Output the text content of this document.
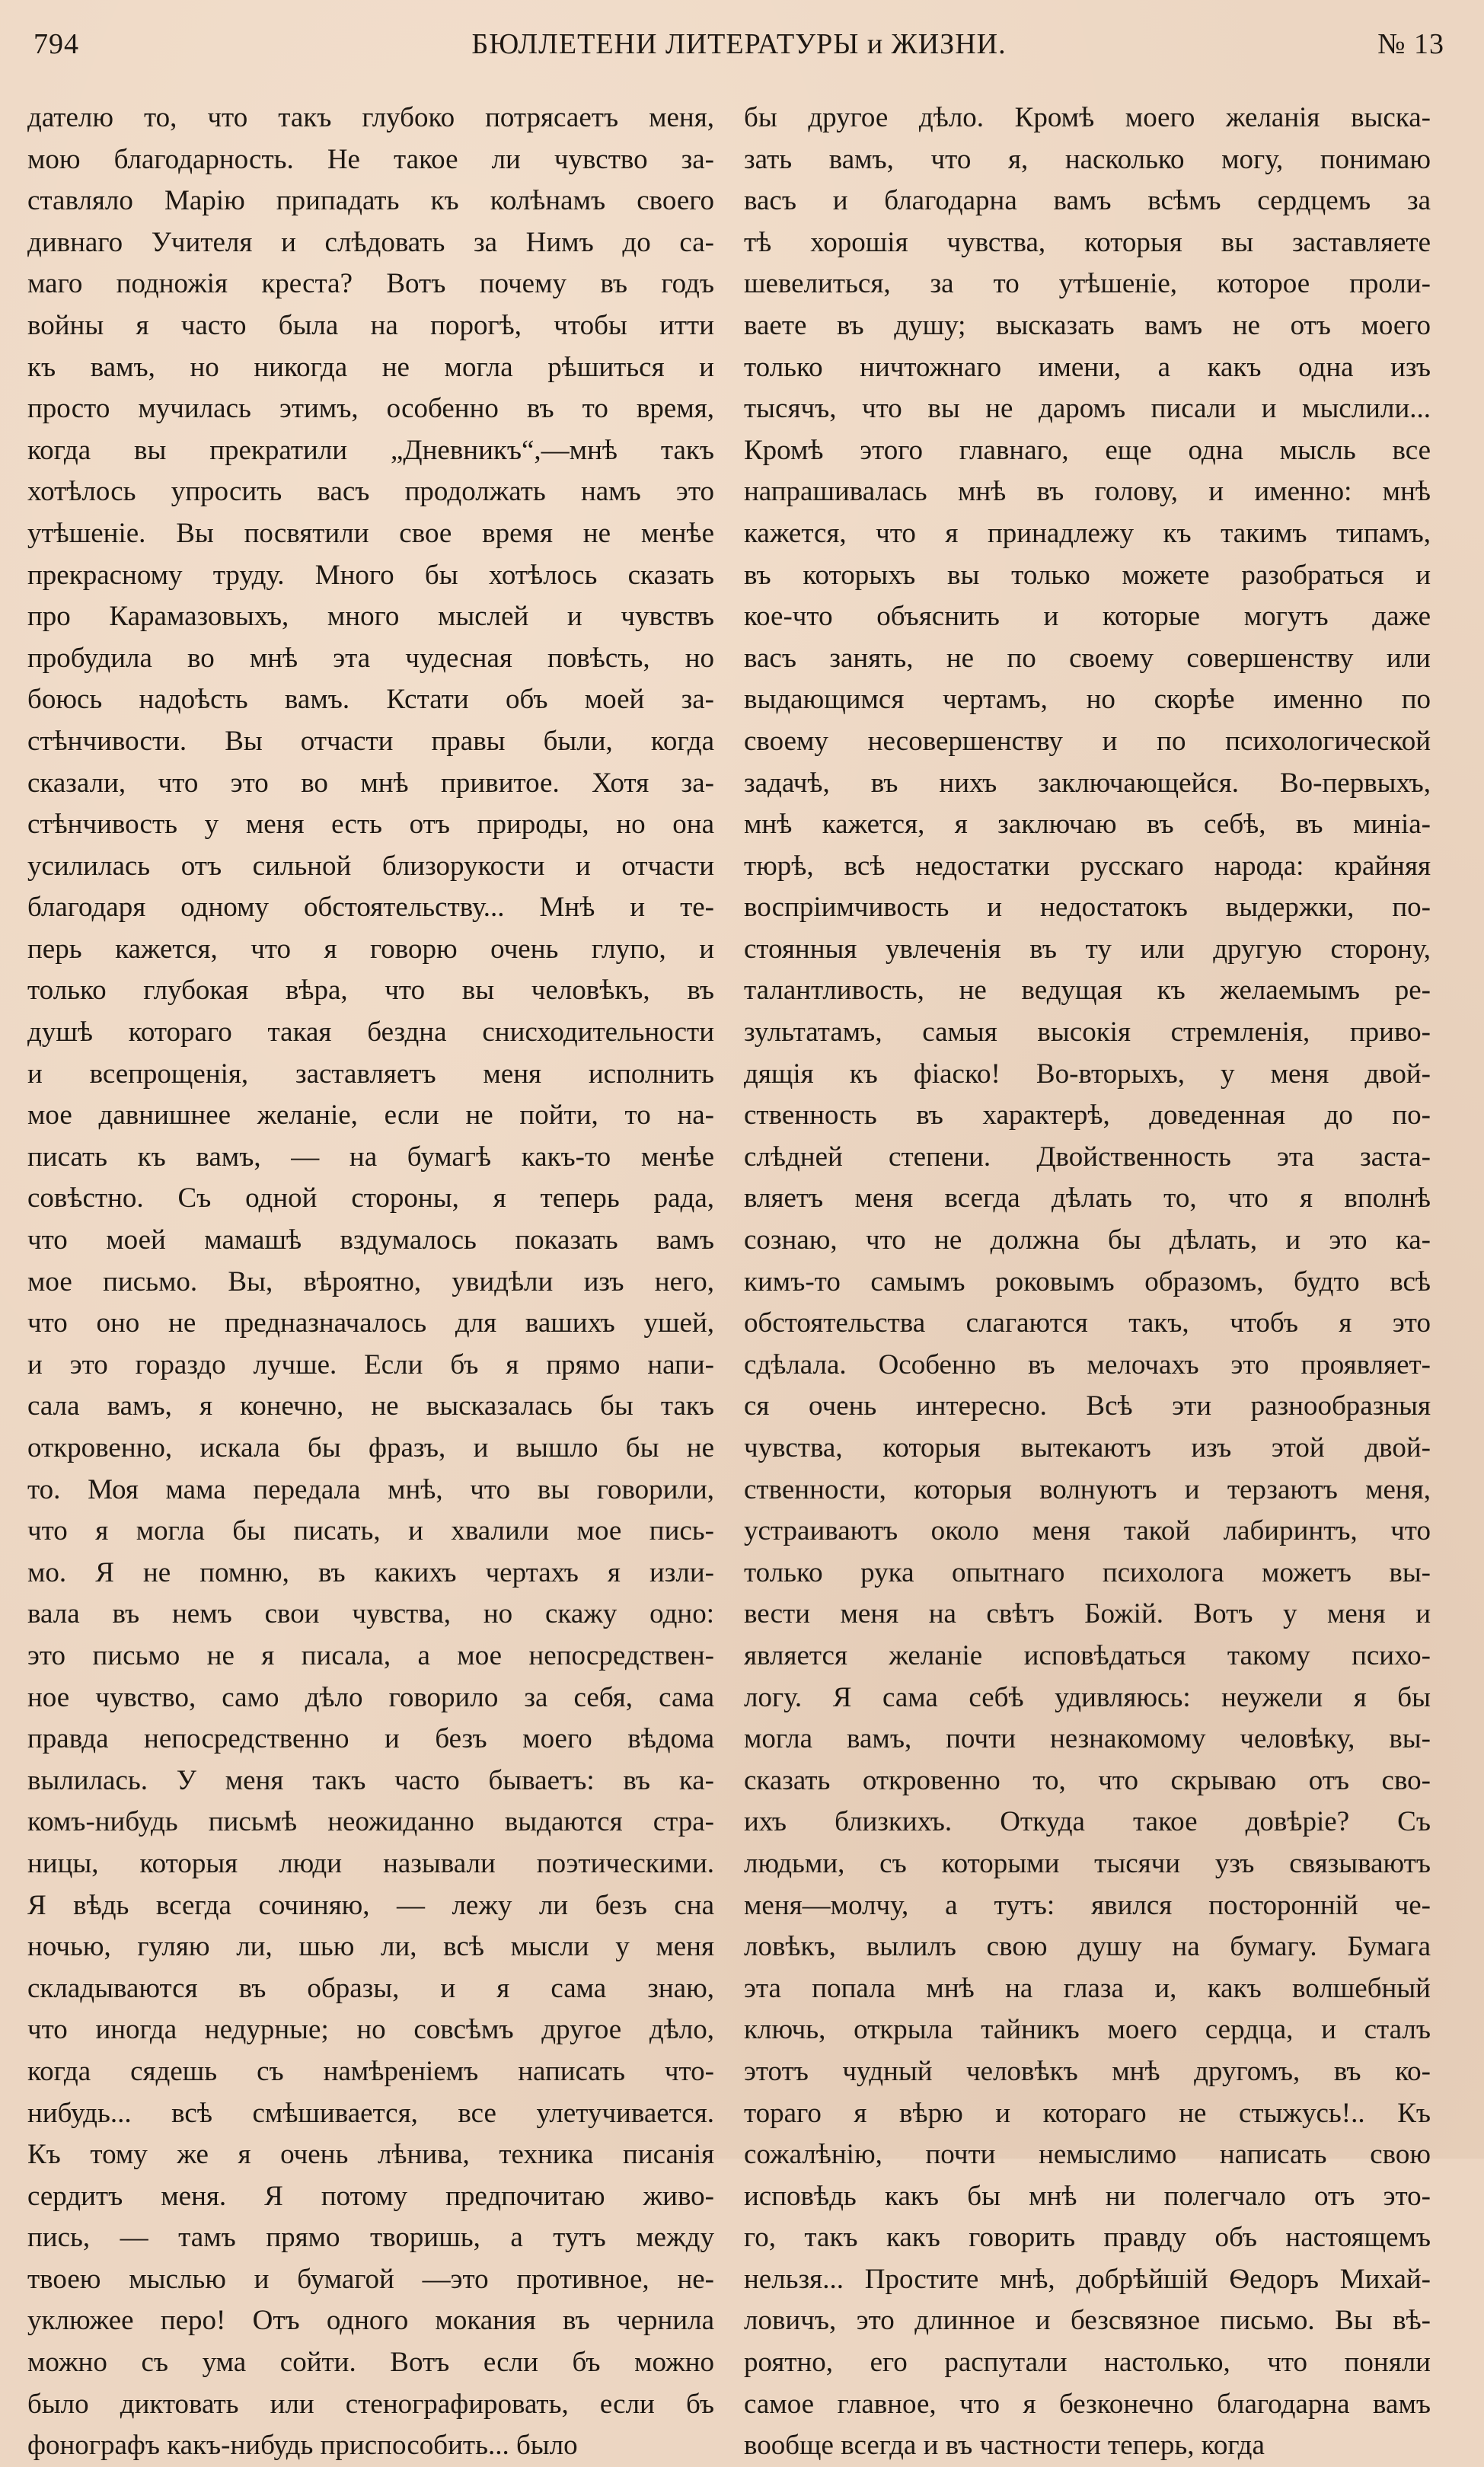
794	БЮЛЛЕТЕНИ ЛИТЕРАТУРЫ и ЖИЗНИ.	№ 13
дателю то, что такъ глубоко потрясаетъ меня,
мою благодарность. Не такое ли чувство за-
ставляло Марію припадать къ колѣнамъ своего
дивнаго Учителя и слѣдовать за Нимъ до са-
маго подножія креста? Вотъ почему въ годъ
войны я часто была на порогѣ, чтобы итти
къ вамъ, но никогда не могла рѣшиться и
просто мучилась этимъ, особенно въ то время,
когда вы прекратили „Дневникъ“,—мнѣ такъ
хотѣлось упросить васъ продолжать намъ это
утѣшеніе. Вы посвятили свое время не менѣе
прекрасному труду. Много бы хотѣлось сказать
про Карамазовыхъ, много мыслей и чувствъ
пробудила во мнѣ эта чудесная повѣсть, но
боюсь надоѣсть вамъ. Кстати объ моей за-
стѣнчивости. Вы отчасти правы были, когда
сказали, что это во мнѣ привитое. Хотя за-
стѣнчивость у меня есть отъ природы, но она
усилилась отъ сильной близорукости и отчасти
благодаря одному обстоятельству... Мнѣ и те-
перь кажется, что я говорю очень глупо, и
только глубокая вѣра, что вы человѣкъ, въ
душѣ котораго такая бездна снисходительности
и всепрощенія, заставляетъ меня исполнить
мое давнишнее желаніе, если не пойти, то на-
писать къ вамъ, — на бумагѣ какъ-то менѣе
совѣстно. Съ одной стороны, я теперь рада,
что моей мамашѣ вздумалось показать вамъ
мое письмо. Вы, вѣроятно, увидѣли изъ него,
что оно не предназначалось для вашихъ ушей,
и это гораздо лучше. Если бъ я прямо напи-
сала вамъ, я конечно, не высказалась бы такъ
откровенно, искала бы фразъ, и вышло бы не
то. Моя мама передала мнѣ, что вы говорили,
что я могла бы писать, и хвалили мое пись-
мо. Я не помню, въ какихъ чертахъ я изли-
вала въ немъ свои чувства, но скажу одно:
это письмо не я писала, а мое непосредствен-
ное чувство, само дѣло говорило за себя, сама
правда непосредственно и безъ моего вѣдома
вылилась. У меня такъ часто бываетъ: въ ка-
комъ-нибудь письмѣ неожиданно выдаются стра-
ницы, которыя люди называли поэтическими.
Я вѣдь всегда сочиняю, — лежу ли безъ сна
ночью, гуляю ли, шью ли, всѣ мысли у меня
складываются въ образы, и я сама знаю,
что иногда недурные; но совсѣмъ другое дѣло,
когда сядешь съ намѣреніемъ написать что-
нибудь... всѣ смѣшивается, все улетучивается.
Къ тому же я очень лѣнива, техника писанія
сердитъ меня. Я потому предпочитаю живо-
пись, — тамъ прямо творишь, а тутъ между
твоею мыслью и бумагой —это противное, не-
уклюжее перо! Отъ одного мокания въ чернила
можно съ ума сойти. Вотъ если бъ можно
было диктовать или стенографировать, если бъ
фонографъ какъ-нибудь приспособить... было
бы другое дѣло. Кромѣ моего желанія выска-
зать вамъ, что я, насколько могу, понимаю
васъ и благодарна вамъ всѣмъ сердцемъ за
тѣ хорошія чувства, которыя вы заставляете
шевелиться, за то утѣшеніе, которое проли-
ваете въ душу; высказать вамъ не отъ моего
только ничтожнаго имени, а какъ одна изъ
тысячъ, что вы не даромъ писали и мыслили...
Кромѣ этого главнаго, еще одна мысль все
напрашивалась мнѣ въ голову, и именно: мнѣ
кажется, что я принадлежу къ такимъ типамъ,
въ которыхъ вы только можете разобраться и
кое-что объяснить и которые могутъ даже
васъ занять, не по своему совершенству или
выдающимся чертамъ, но скорѣе именно по
своему несовершенству и по психологической
задачѣ, въ нихъ заключающейся. Во-первыхъ,
мнѣ кажется, я заключаю въ себѣ, въ миніа-
тюрѣ, всѣ недостатки русскаго народа: крайняя
воспріимчивость и недостатокъ выдержки, по-
стоянныя увлеченія въ ту или другую сторону,
талантливость, не ведущая къ желаемымъ ре-
зультатамъ, самыя высокія стремленія, приво-
дящія къ фіаско! Во-вторыхъ, у меня двой-
ственность въ характерѣ, доведенная до по-
слѣдней степени. Двойственность эта заста-
вляетъ меня всегда дѣлать то, что я вполнѣ
сознаю, что не должна бы дѣлать, и это ка-
кимъ-то самымъ роковымъ образомъ, будто всѣ
обстоятельства слагаются такъ, чтобъ я это
сдѣлала. Особенно въ мелочахъ это проявляет-
ся очень интересно. Всѣ эти разнообразныя
чувства, которыя вытекаютъ изъ этой двой-
ственности, которыя волнуютъ и терзаютъ меня,
устраиваютъ около меня такой лабиринтъ, что
только рука опытнаго психолога можетъ вы-
вести меня на свѣтъ Божій. Вотъ у меня и
является желаніе исповѣдаться такому психо-
логу. Я сама себѣ удивляюсь: неужели я бы
могла вамъ, почти незнакомому человѣку, вы-
сказать откровенно то, что скрываю отъ сво-
ихъ близкихъ. Откуда такое довѣріе? Съ
людьми, съ которыми тысячи узъ связываютъ
меня—молчу, а тутъ: явился посторонній че-
ловѣкъ, вылилъ свою душу на бумагу. Бумага
эта попала мнѣ на глаза и, какъ волшебный
ключь, открыла тайникъ моего сердца, и сталъ
этотъ чудный человѣкъ мнѣ другомъ, въ ко-
тораго я вѣрю и котораго не стыжусь!.. Къ
сожалѣнію, почти немыслимо написать свою
исповѣдь какъ бы мнѣ ни полегчало отъ это-
го, такъ какъ говорить правду объ настоящемъ
нельзя... Простите мнѣ, добрѣйшій Ѳедоръ Михай-
ловичъ, это длинное и безсвязное письмо. Вы вѣ-
роятно, его распутали настолько, что поняли
самое главное, что я безконечно благодарна вамъ
вообще всегда и въ частности теперь, когда
